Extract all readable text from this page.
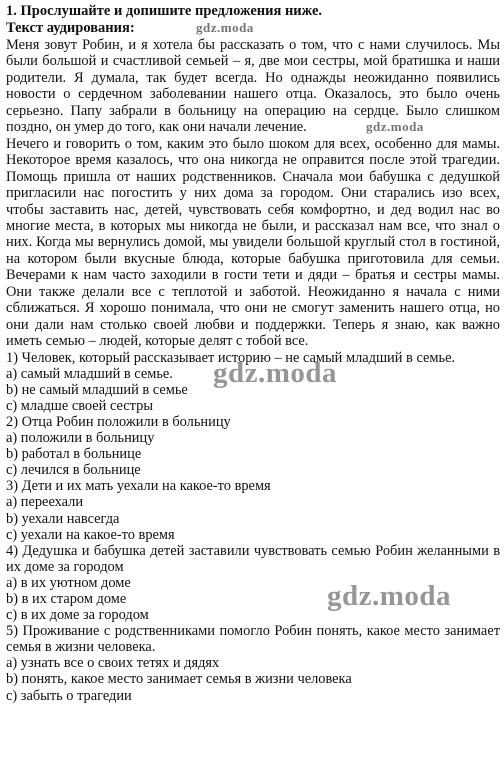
1. Прослушайте и допишите предложения ниже.

Текст аудирования:

Меня зовут Робин, и я хотела бы рассказать о том, что с нами случилось. Мы были большой и счастливой семьей – я, две мои сестры, мой братишка и наши родители. Я думала, так будет всегда. Но однажды неожиданно появились новости о сердечном заболевании нашего отца. Оказалось, это было очень серьезно. Папу забрали в больницу на операцию на сердце. Было слишком поздно, он умер до того, как они начали лечение.

Нечего и говорить о том, каким это было шоком для всех, особенно для мамы. Некоторое время казалось, что она никогда не оправится после этой трагедии. Помощь пришла от наших родственников. Сначала мои бабушка с дедушкой пригласили нас погостить у них дома за городом. Они старались изо всех, чтобы заставить нас, детей, чувствовать себя комфортно, и дед водил нас во многие места, в которых мы никогда не были, и рассказал нам все, что знал о них. Когда мы вернулись домой, мы увидели большой круглый стол в гостиной, на котором были вкусные блюда, которые бабушка приготовила для семьи. Вечерами к нам часто заходили в гости тети и дяди – братья и сестры мамы. Они также делали все с теплотой и заботой. Неожиданно я начала с ними сближаться. Я хорошо понимала, что они не смогут заменить нашего отца, но они дали нам столько своей любви и поддержки. Теперь я знаю, как важно иметь семью – людей, которые делят с тобой все.

1) Человек, который рассказывает историю – не самый младший в семье.

a) самый младший в семье.

b) не самый младший в семье

c) младше своей сестры

2) Отца Робин положили в больницу

a) положили в больницу

b) работал в больнице

c) лечился в больнице

3) Дети и их мать уехали на какое-то время

a) переехали

b) уехали навсегда

c) уехали на какое-то время

4) Дедушка и бабушка детей заставили чувствовать семью Робин желанными в их доме за городом

a) в их уютном доме

b) в их старом доме

c) в их доме за городом

5) Проживание с родственниками помогло Робин понять, какое место занимает семья в жизни человека.

a) узнать все о своих тетях и дядях

b) понять, какое место занимает семья в жизни человека

c) забыть о трагедии

gdz.moda
gdz.moda
gdz.moda
gdz.moda
